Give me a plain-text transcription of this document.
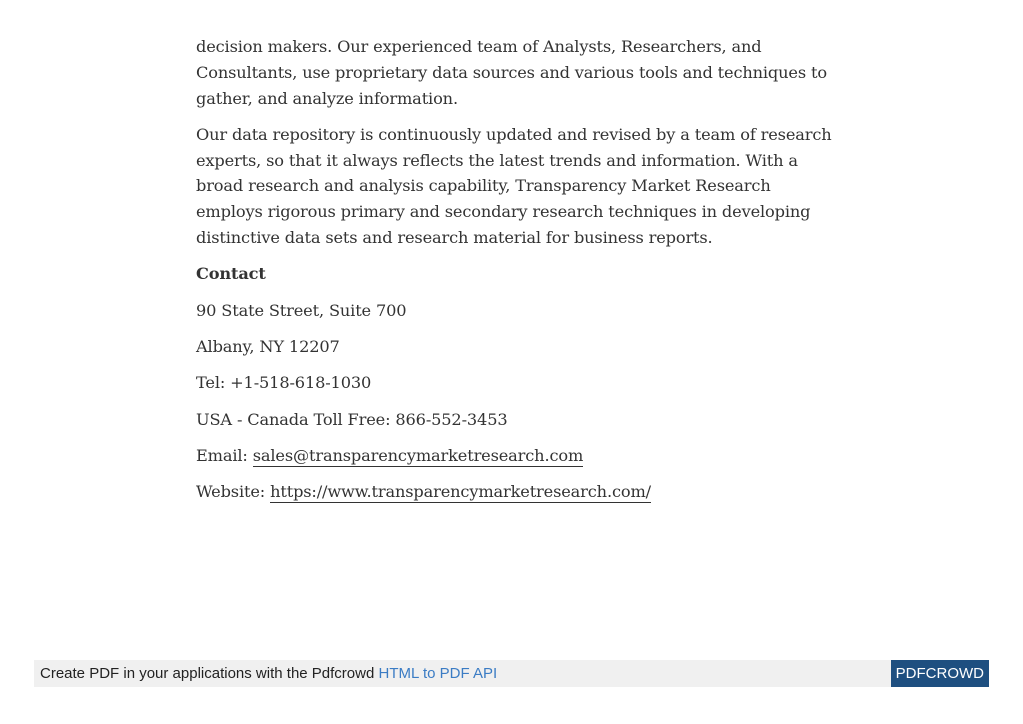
decision makers. Our experienced team of Analysts, Researchers, and Consultants, use proprietary data sources and various tools and techniques to gather, and analyze information.

Our data repository is continuously updated and revised by a team of research experts, so that it always reflects the latest trends and information. With a broad research and analysis capability, Transparency Market Research employs rigorous primary and secondary research techniques in developing distinctive data sets and research material for business reports.

Contact

90 State Street, Suite 700

Albany, NY 12207

Tel: +1-518-618-1030

USA - Canada Toll Free: 866-552-3453

Email: sales@transparencymarketresearch.com

Website: https://www.transparencymarketresearch.com/

Create PDF in your applications with the Pdfcrowd HTML to PDF API	PDFCROWD
